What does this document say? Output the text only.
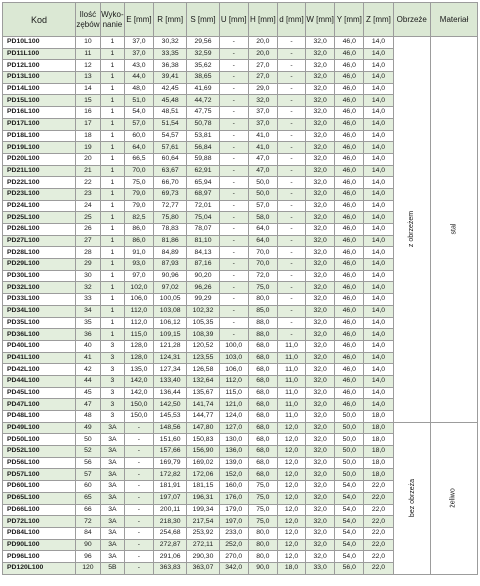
Kod	Ilość zębów	Wyko-nanie	E [mm]	R [mm]	S [mm]	U [mm]	H [mm]	d [mm]	W [mm]	Y [mm]	Z [mm]	Obrzeże	Materiał
PD10L100	10	1	37,0	30,32	29,56	-	20,0	-	32,0	46,0	14,0	z obrzeżem	stal
PD11L100	11	1	37,0	33,35	32,59	-	20,0	-	32,0	46,0	14,0		
PD12L100	12	1	43,0	36,38	35,62	-	27,0	-	32,0	46,0	14,0		
PD13L100	13	1	44,0	39,41	38,65	-	27,0	-	32,0	46,0	14,0		
PD14L100	14	1	48,0	42,45	41,69	-	29,0	-	32,0	46,0	14,0		
PD15L100	15	1	51,0	45,48	44,72	-	32,0	-	32,0	46,0	14,0		
PD16L100	16	1	54,0	48,51	47,75	-	37,0	-	32,0	46,0	14,0		
PD17L100	17	1	57,0	51,54	50,78	-	37,0	-	32,0	46,0	14,0		
PD18L100	18	1	60,0	54,57	53,81	-	41,0	-	32,0	46,0	14,0		
PD19L100	19	1	64,0	57,61	56,84	-	41,0	-	32,0	46,0	14,0		
PD20L100	20	1	66,5	60,64	59,88	-	47,0	-	32,0	46,0	14,0		
PD21L100	21	1	70,0	63,67	62,91	-	47,0	-	32,0	46,0	14,0		
PD22L100	22	1	75,0	66,70	65,94	-	50,0	-	32,0	46,0	14,0		
PD23L100	23	1	79,0	69,73	68,97	-	50,0	-	32,0	46,0	14,0		
PD24L100	24	1	79,0	72,77	72,01	-	57,0	-	32,0	46,0	14,0		
PD25L100	25	1	82,5	75,80	75,04	-	58,0	-	32,0	46,0	14,0		
PD26L100	26	1	86,0	78,83	78,07	-	64,0	-	32,0	46,0	14,0		
PD27L100	27	1	86,0	81,86	81,10	-	64,0	-	32,0	46,0	14,0		
PD28L100	28	1	91,0	84,89	84,13	-	70,0	-	32,0	46,0	14,0		
PD29L100	29	1	93,0	87,93	87,16	-	70,0	-	32,0	46,0	14,0		
PD30L100	30	1	97,0	90,96	90,20	-	72,0	-	32,0	46,0	14,0		
PD32L100	32	1	102,0	97,02	96,26	-	75,0	-	32,0	46,0	14,0		
PD33L100	33	1	106,0	100,05	99,29	-	80,0	-	32,0	46,0	14,0		
PD34L100	34	1	112,0	103,08	102,32	-	85,0	-	32,0	46,0	14,0		
PD35L100	35	1	112,0	106,12	105,35	-	88,0	-	32,0	46,0	14,0		
PD36L100	36	1	115,0	109,15	108,39	-	88,0	-	32,0	46,0	14,0		
PD40L100	40	3	128,0	121,28	120,52	100,0	68,0	11,0	32,0	46,0	14,0		
PD41L100	41	3	128,0	124,31	123,55	103,0	68,0	11,0	32,0	46,0	14,0		
PD42L100	42	3	135,0	127,34	126,58	106,0	68,0	11,0	32,0	46,0	14,0		
PD44L100	44	3	142,0	133,40	132,64	112,0	68,0	11,0	32,0	46,0	14,0		
PD45L100	45	3	142,0	136,44	135,67	115,0	68,0	11,0	32,0	46,0	14,0		
PD47L100	47	3	150,0	142,50	141,74	121,0	68,0	11,0	32,0	46,0	14,0		
PD48L100	48	3	150,0	145,53	144,77	124,0	68,0	11,0	32,0	50,0	18,0		
PD49L100	49	3A	-	148,56	147,80	127,0	68,0	12,0	32,0	50,0	18,0	bez obrzeża	żeliwo
PD50L100	50	3A	-	151,60	150,83	130,0	68,0	12,0	32,0	50,0	18,0		
PD52L100	52	3A	-	157,66	156,90	136,0	68,0	12,0	32,0	50,0	18,0		
PD56L100	56	3A	-	169,79	169,02	139,0	68,0	12,0	32,0	50,0	18,0		
PD57L100	57	3A	-	172,82	172,06	152,0	68,0	12,0	32,0	50,0	18,0		
PD60L100	60	3A	-	181,91	181,15	160,0	75,0	12,0	32,0	54,0	22,0		
PD65L100	65	3A	-	197,07	196,31	176,0	75,0	12,0	32,0	54,0	22,0		
PD66L100	66	3A	-	200,11	199,34	179,0	75,0	12,0	32,0	54,0	22,0		
PD72L100	72	3A	-	218,30	217,54	197,0	75,0	12,0	32,0	54,0	22,0		
PD84L100	84	3A	-	254,68	253,92	233,0	80,0	12,0	32,0	54,0	22,0		
PD90L100	90	3A	-	272,87	272,11	252,0	80,0	12,0	32,0	54,0	22,0		
PD96L100	96	3A	-	291,06	290,30	270,0	80,0	12,0	32,0	54,0	22,0		
PD120L100	120	5B	-	363,83	363,07	342,0	90,0	18,0	33,0	56,0	22,0		
